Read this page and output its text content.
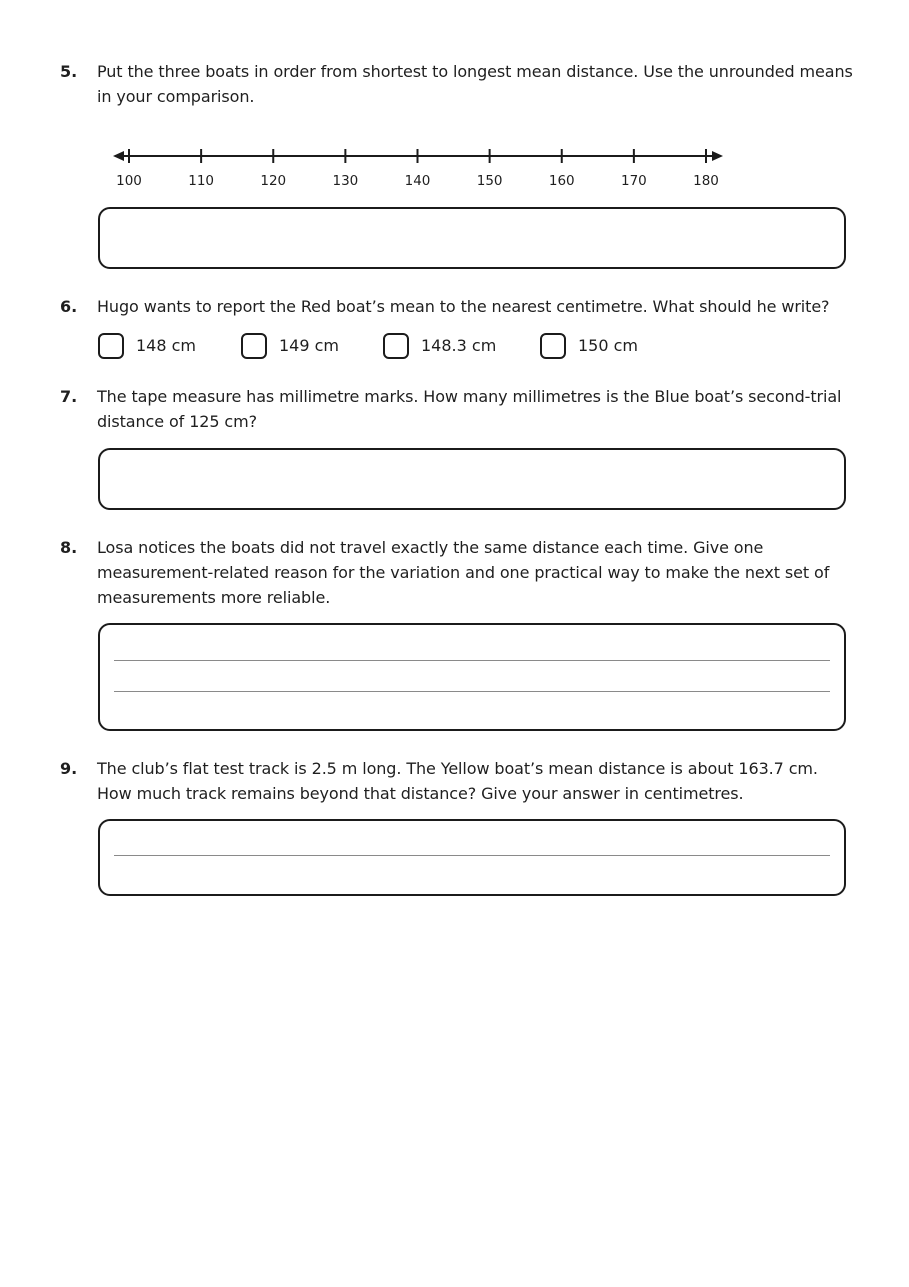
5. Put the three boats in order from shortest to longest mean distance. Use the unrounded means in your comparison.
100	110	120	130	140	150	160	170	180
6. Hugo wants to report the Red boat’s mean to the nearest centimetre. What should he write?
148 cm	149 cm	148.3 cm	150 cm
7. The tape measure has millimetre marks. How many millimetres is the Blue boat’s second-trial distance of 125 cm?
8. Losa notices the boats did not travel exactly the same distance each time. Give one measurement-related reason for the variation and one practical way to make the next set of measurements more reliable.
9. The club’s flat test track is 2.5 m long. The Yellow boat’s mean distance is about 163.7 cm. How much track remains beyond that distance? Give your answer in centimetres.
